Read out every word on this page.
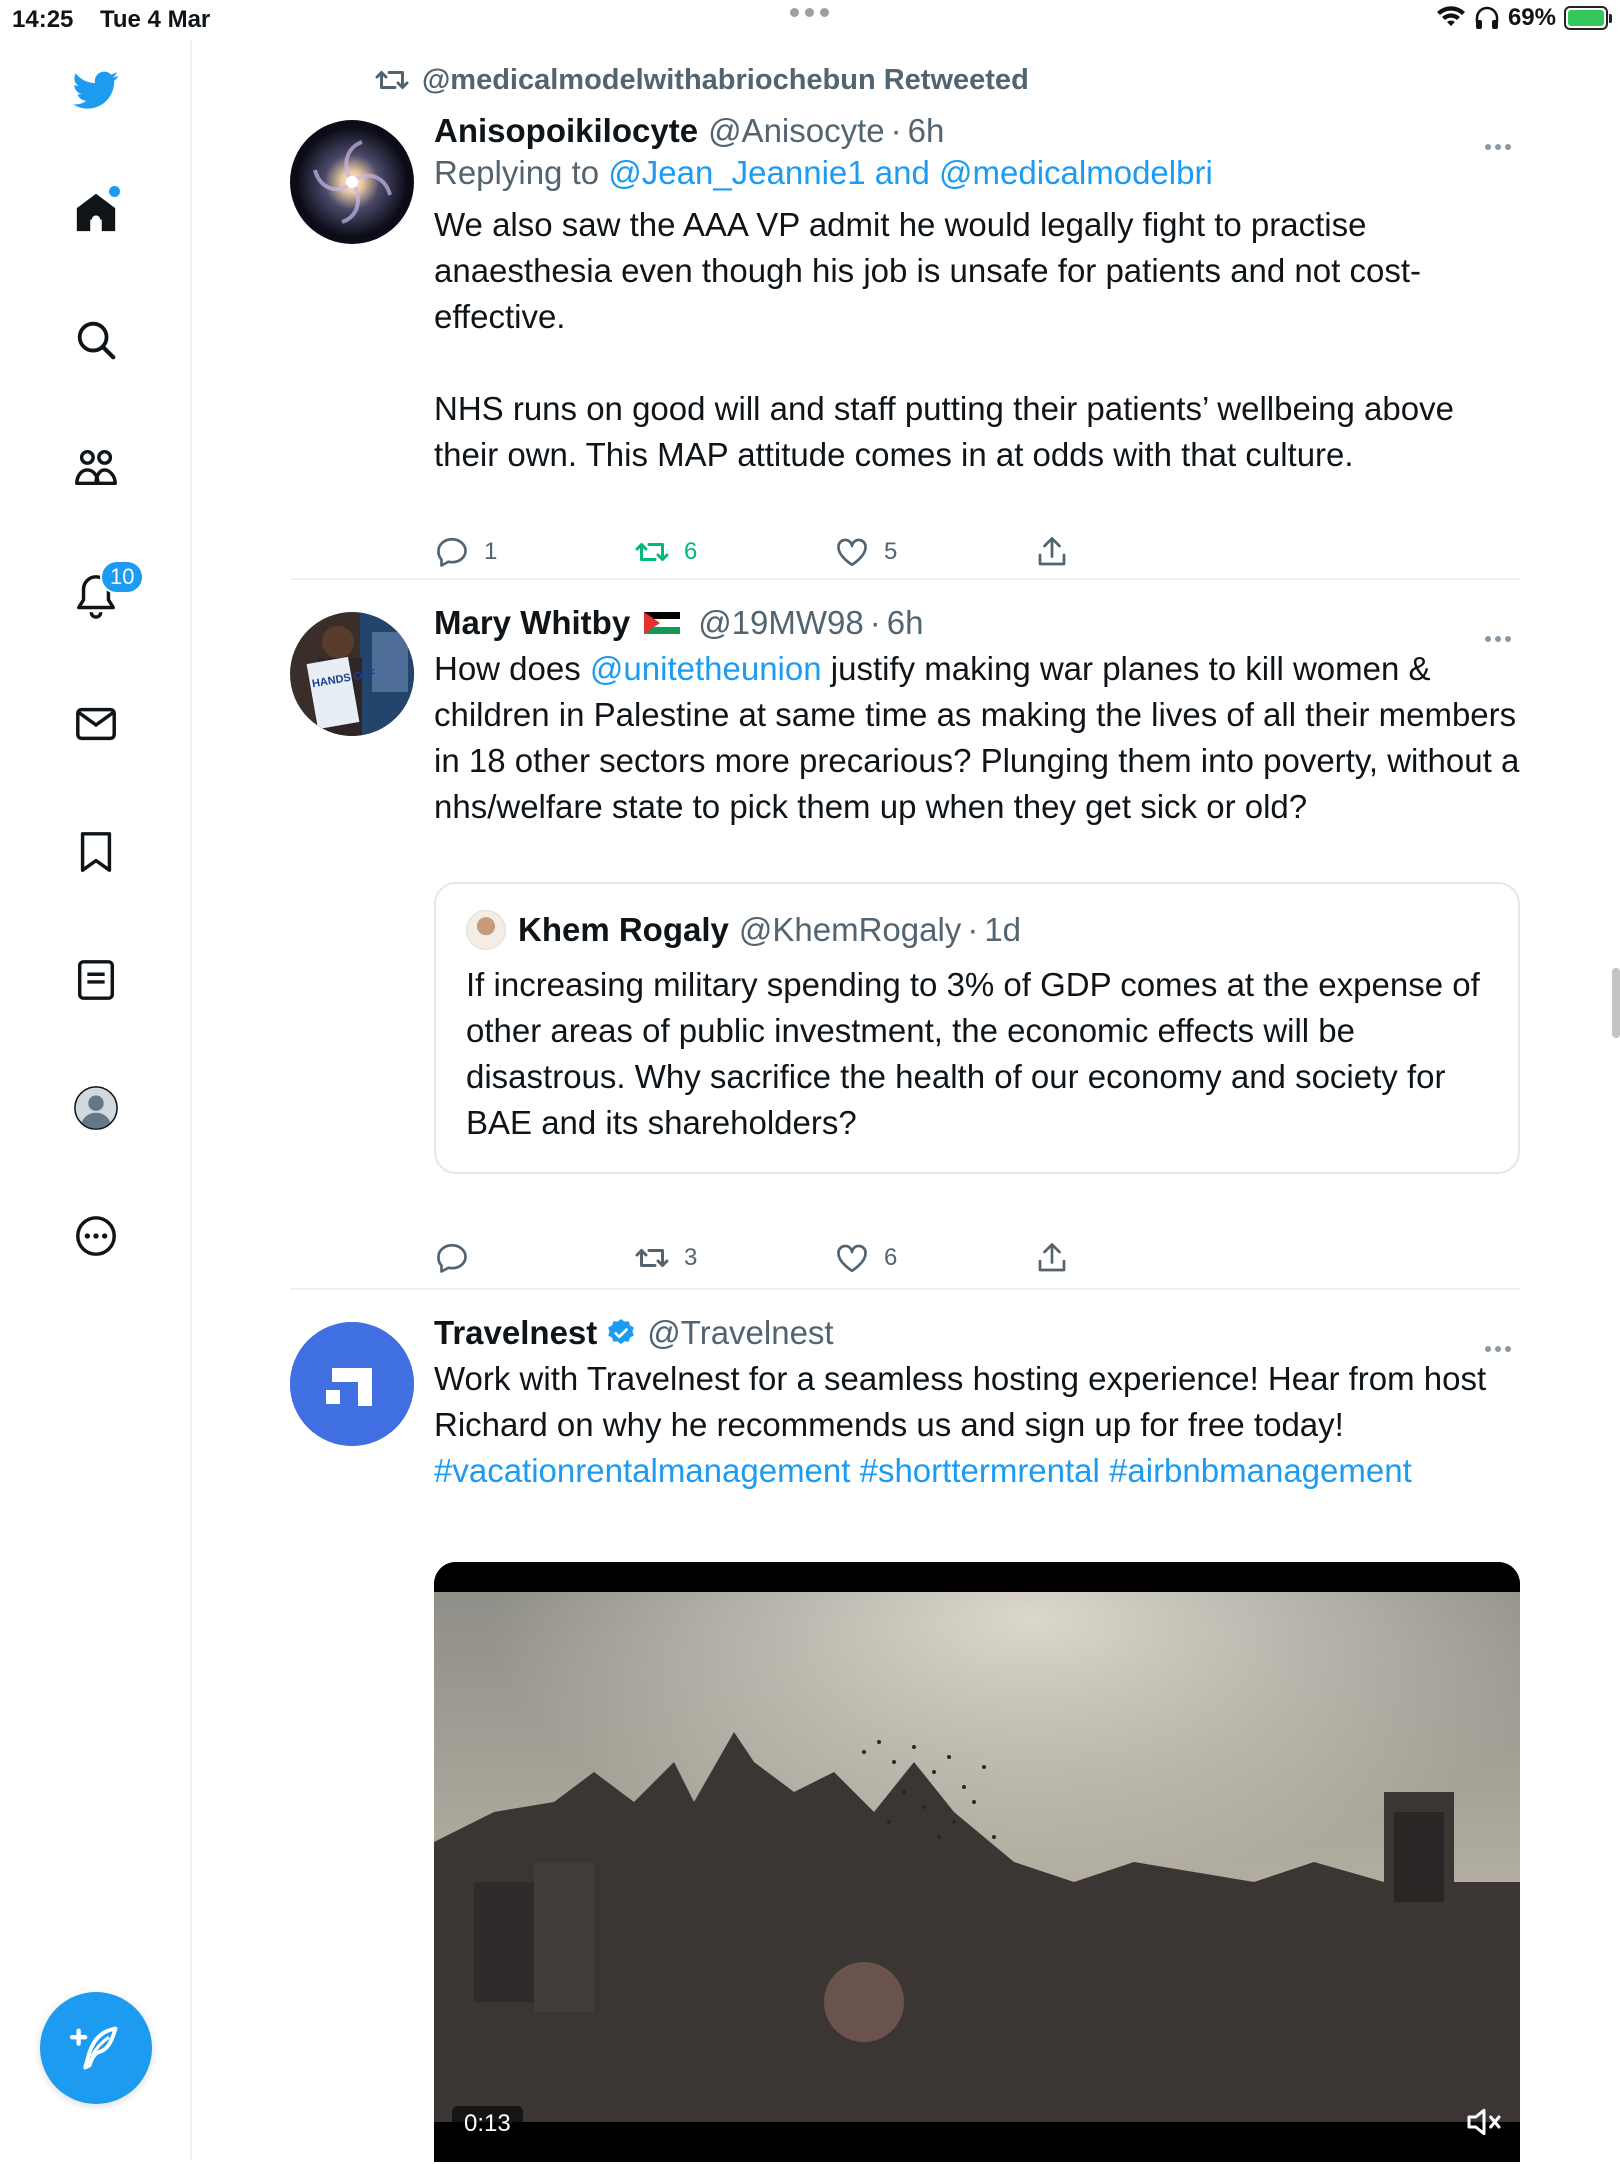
14:25 Tue 4 Mar	69%
10
@medicalmodelwithabriochebun Retweeted
Anisopoikilocyte @Anisocyte · 6h
Replying to @Jean_Jeannie1 and @medicalmodelbri

We also saw the AAA VP admit he would legally fight to practise anaesthesia even though his job is unsafe for patients and not cost-effective.

NHS runs on good will and staff putting their patients’ wellbeing above their own. This MAP attitude comes in at odds with that culture.

1	6	5
HANDS OFF
Mary Whitby @19MW98 · 6h
How does @unitetheunion justify making war planes to kill women & children in Palestine at same time as making the lives of all their members in 18 other sectors more precarious? Plunging them into poverty, without a nhs/welfare state to pick them up when they get sick or old?
Khem Rogaly @KhemRogaly · 1d
If increasing military spending to 3% of GDP comes at the expense of other areas of public investment, the economic effects will be disastrous. Why sacrifice the health of our economy and society for BAE and its shareholders?
3	6
Travelnest @Travelnest
Work with Travelnest for a seamless hosting experience! Hear from host Richard on why he recommends us and sign up for free today!
#vacationrentalmanagement #shorttermrental #airbnbmanagement
0:13
